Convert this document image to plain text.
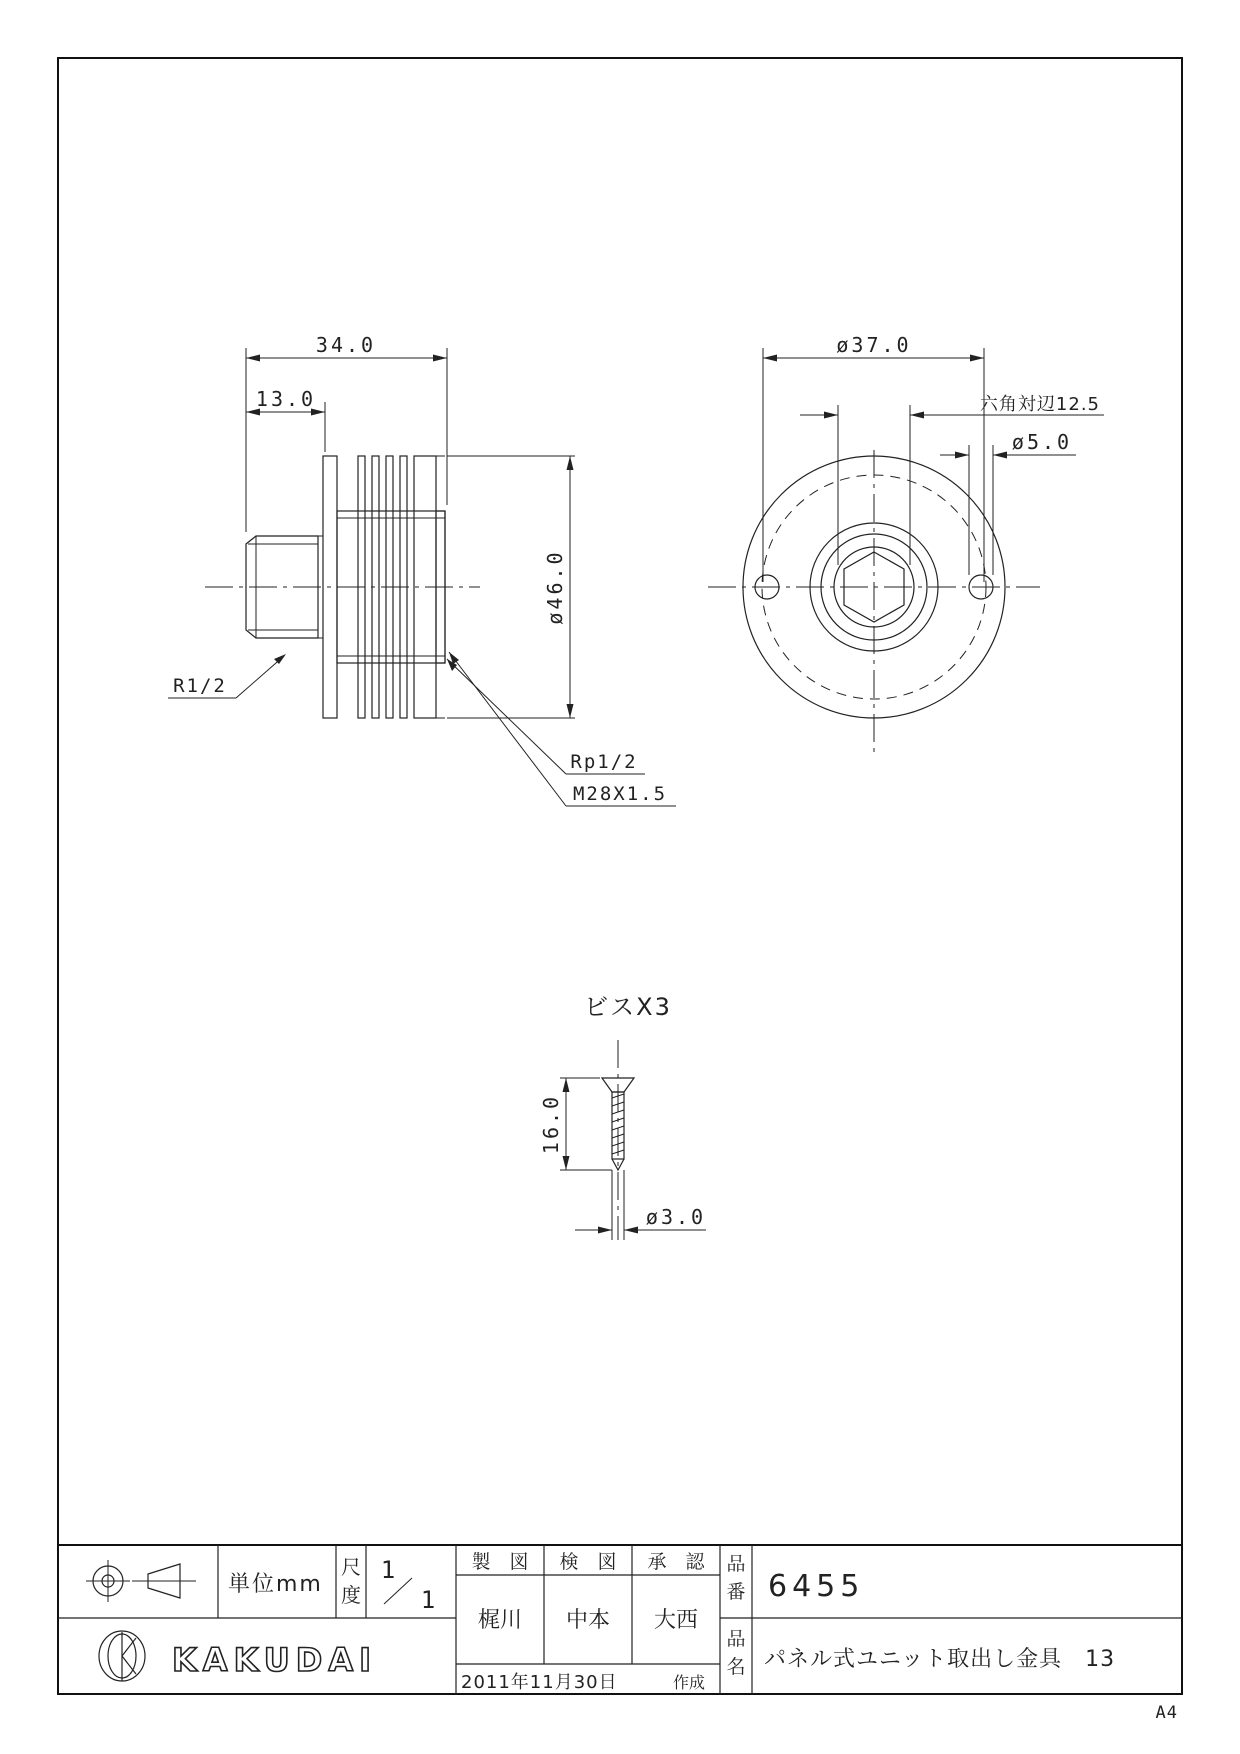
34.0
13.0
ø46.0
R1/2
Rp1/2
M28X1.5
ø37.0
六角対辺12.5
ø5.0
ビスX3
16.0
ø3.0
単位mm
尺
度
1
1
製　図 検　図 承　認
梶川 中本 大西
2011年11月30日	作成
品
番
品
名
6455
パネル式ユニット取出し金具　13
KAKUDAI
A4
